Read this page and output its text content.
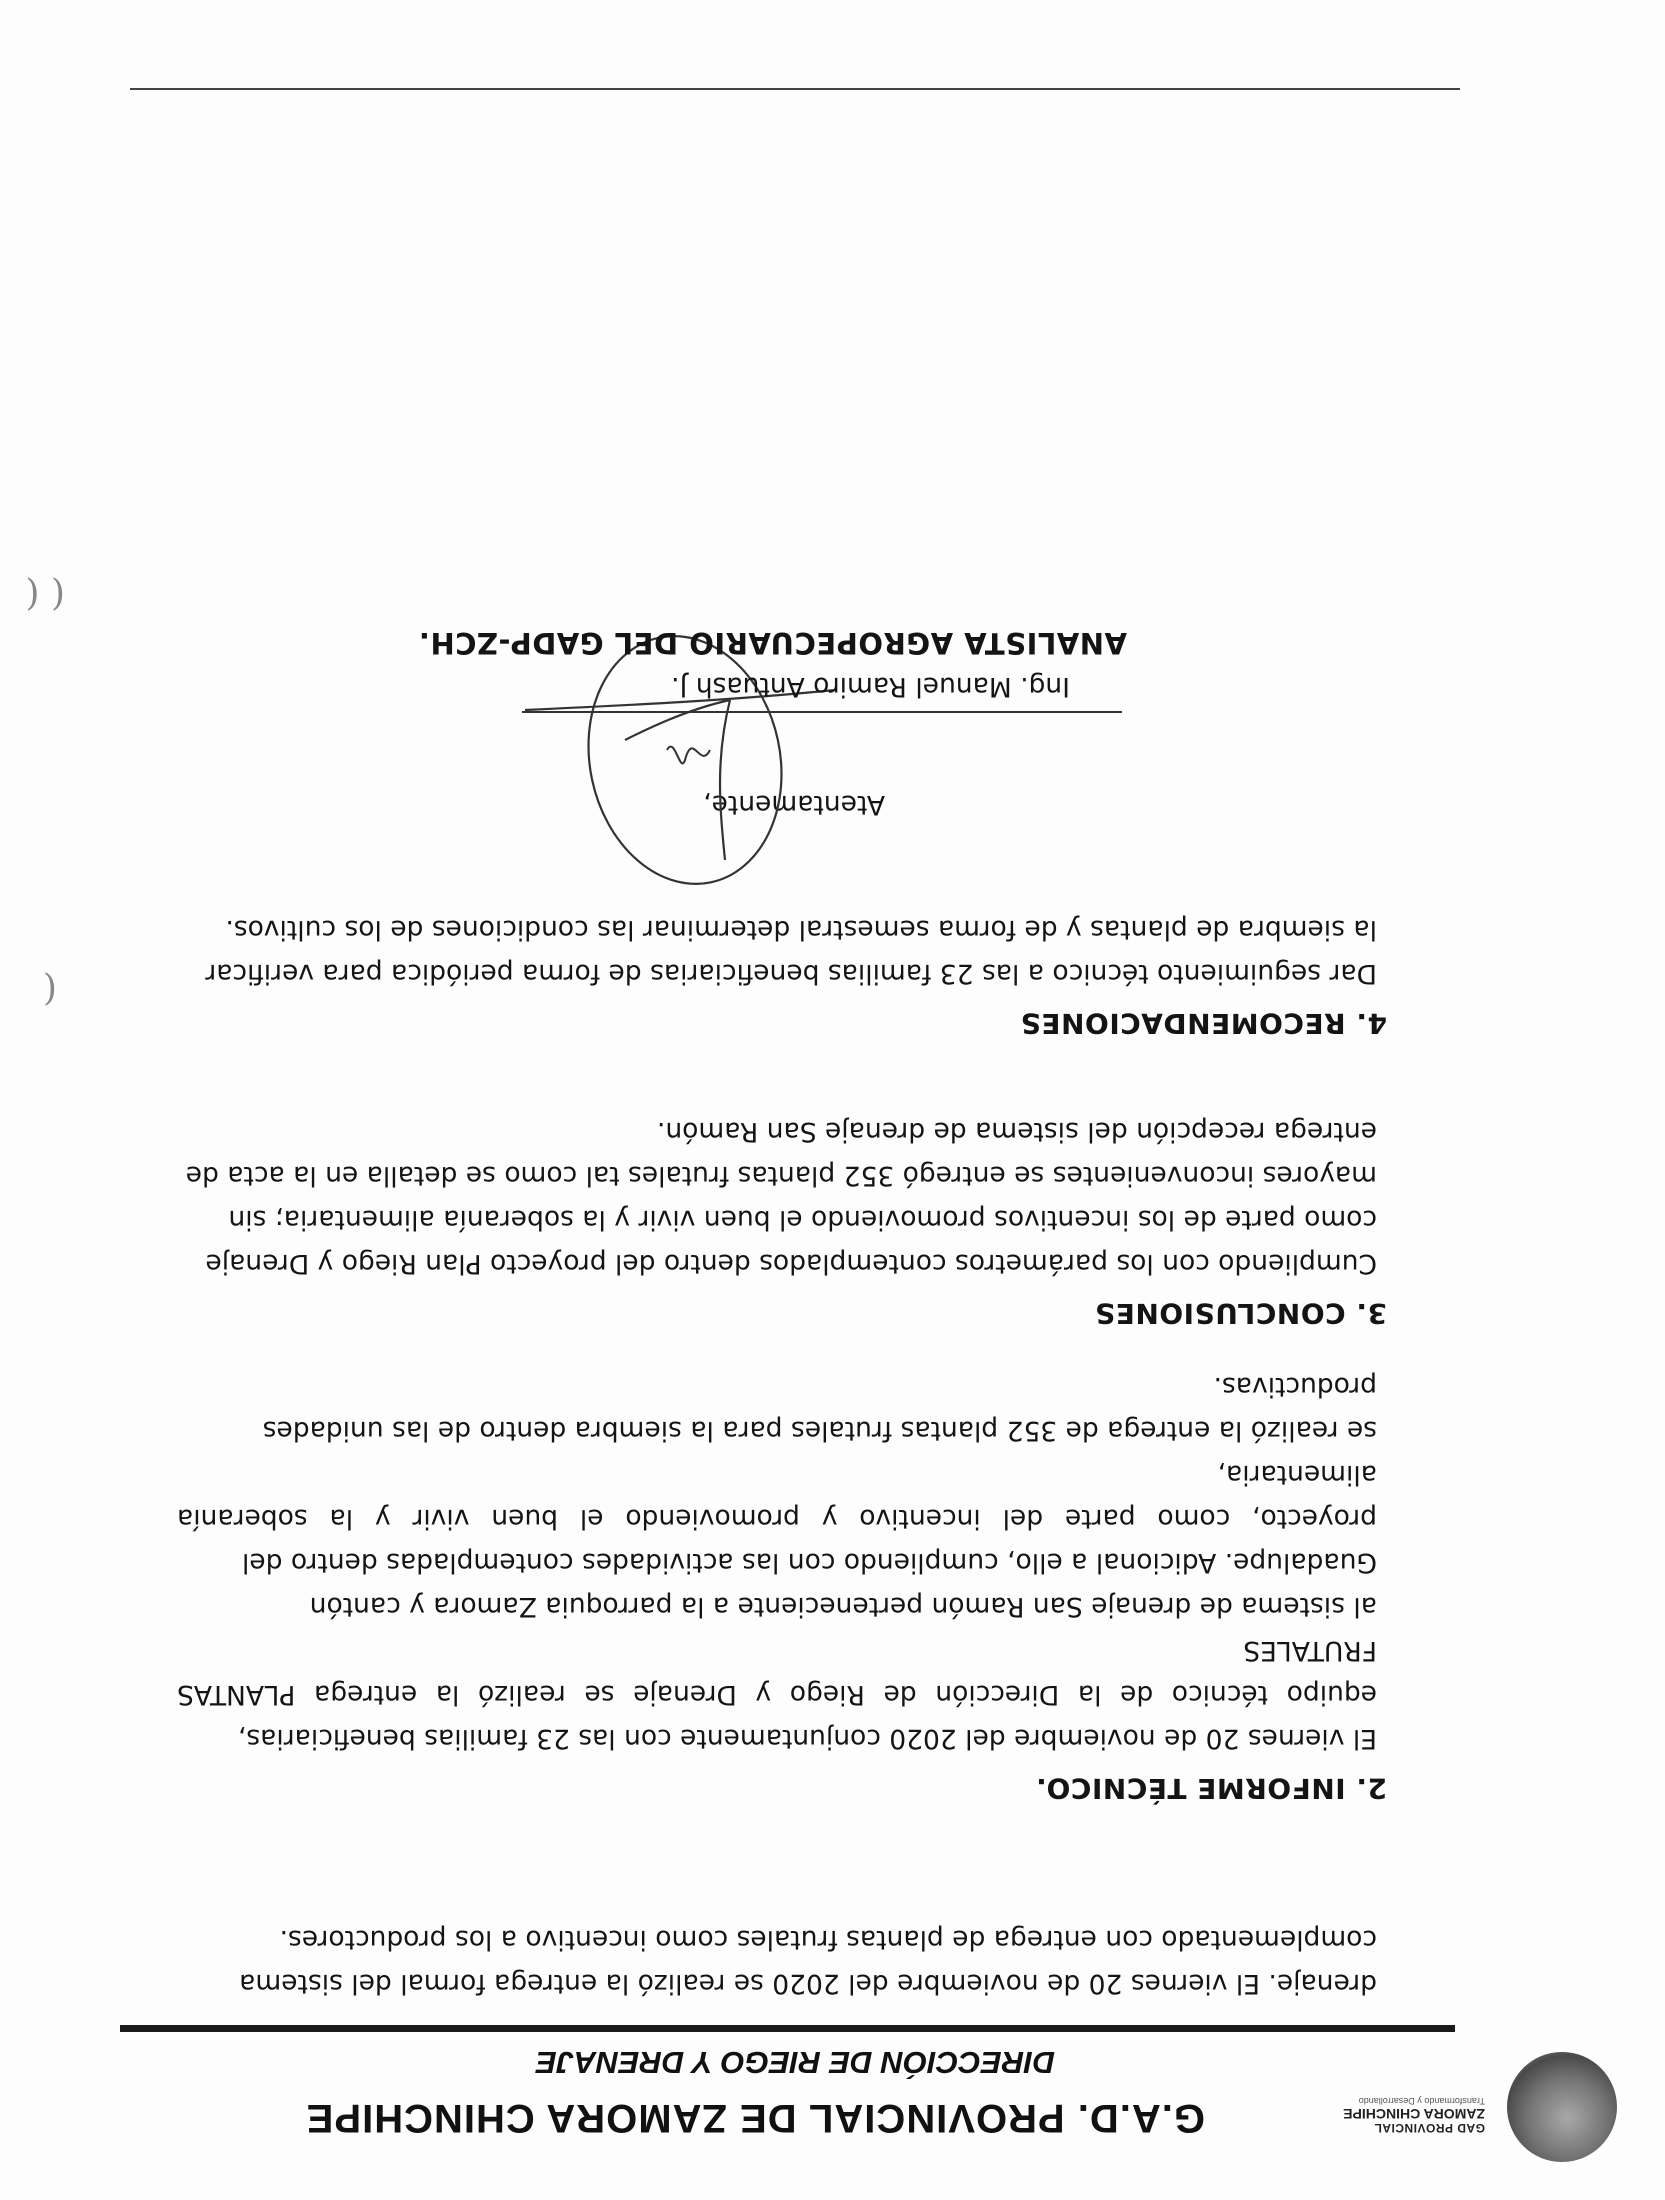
GAD PROVINCIAL
ZAMORA CHINCHIPE
Transformando y Desarrollando
G.A.D. PROVINCIAL DE ZAMORA CHINCHIPE
DIRECCIÓN DE RIEGO Y DRENAJE

drenaje. El viernes 20 de noviembre del 2020 se realizó la entrega formal del sistema

complementado con entrega de plantas frutales como incentivo a los productores.

2. INFORME TÉCNICO.

El viernes 20 de noviembre del 2020 conjuntamente con las 23 familias beneficiarias,

equipo técnico de la Dirección de Riego y Drenaje se realizó la entrega PLANTAS FRUTALES

al sistema de drenaje San Ramón perteneciente a la parroquia Zamora y cantón

Guadalupe. Adicional a ello, cumpliendo con las actividades contempladas dentro del

proyecto, como parte del incentivo y promoviendo el buen vivir y la soberanía alimentaria,

se realizó la entrega de 352 plantas frutales para la siembra dentro de las unidades

productivas.

3. CONCLUSIONES

Cumpliendo con los parámetros contemplados dentro del proyecto Plan Riego y Drenaje

como parte de los incentivos promoviendo el buen vivir y la soberanía alimentaria; sin

mayores inconvenientes se entregó 352 plantas frutales tal como se detalla en la acta de

entrega recepción del sistema de drenaje San Ramón.

4. RECOMENDACIONES

Dar seguimiento técnico a las 23 familias beneficiarias de forma periódica para verificar

la siembra de plantas y de forma semestral determinar las condiciones de los cultivos.

Atentamente,
Ing. Manuel Ramiro Antuash J.
ANALISTA AGROPECUARIO DEL GADP-ZCH.
(
( (
